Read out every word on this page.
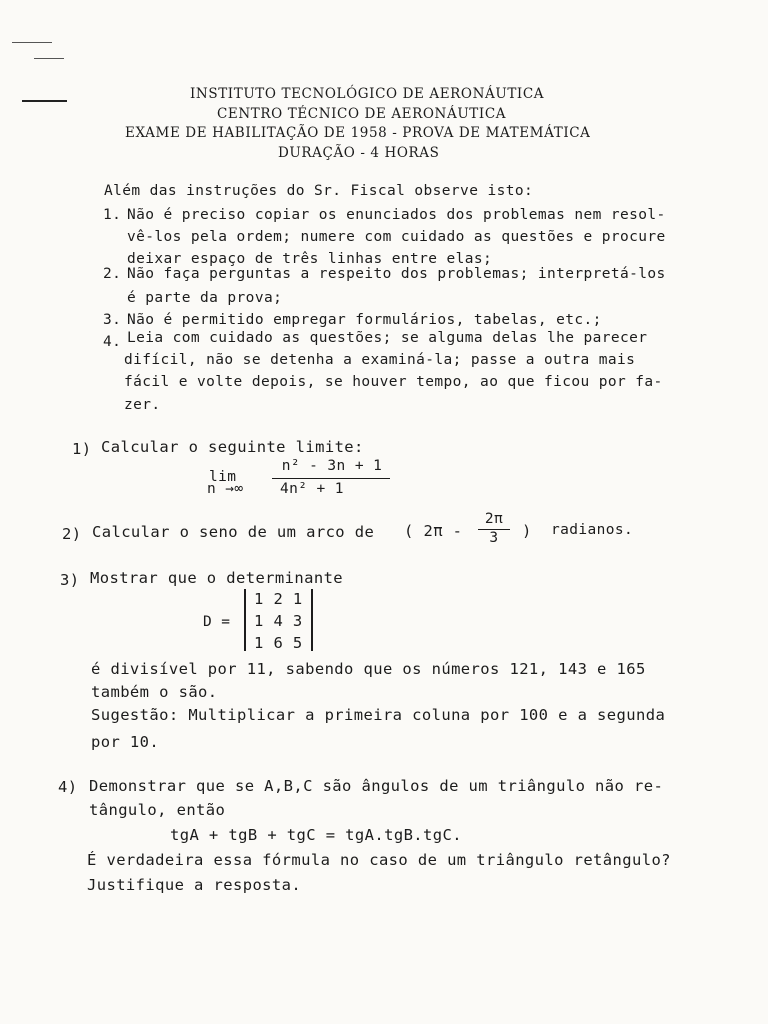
INSTITUTO TECNOLÓGICO DE AERONÁUTICA
CENTRO TÉCNICO DE AERONÁUTICA
EXAME DE HABILITAÇÃO DE 1958 - PROVA DE MATEMÁTICA
DURAÇÃO - 4 HORAS
Além das instruções do Sr. Fiscal observe isto:
1. Não é preciso copiar os enunciados dos problemas nem resol-
vê-los pela ordem; numere com cuidado as questões e procure
deixar espaço de três linhas entre elas;
2. Não faça perguntas a respeito dos problemas; interpretá-los
é parte da prova;
3. Não é permitido empregar formulários, tabelas, etc.;
4. Leia com cuidado as questões; se alguma delas lhe parecer
difícil, não se detenha a examiná-la; passe a outra mais
fácil e volte depois, se houver tempo, ao que ficou por fa-
zer.
1) Calcular o seguinte limite:
lim
n →∞
n² - 3n + 1
4n² + 1
2) Calcular o seno de um arco de ( 2π -
2π
3	) radianos.
3) Mostrar que o determinante
D =
1 2 1
1 4 3
1 6 5
é divisível por 11, sabendo que os números 121, 143 e 165
também o são.
Sugestão: Multiplicar a primeira coluna por 100 e a segunda
por 10.
4) Demonstrar que se A,B,C são ângulos de um triângulo não re-
tângulo, então
tgA + tgB + tgC = tgA.tgB.tgC.
É verdadeira essa fórmula no caso de um triângulo retângulo?
Justifique a resposta.
